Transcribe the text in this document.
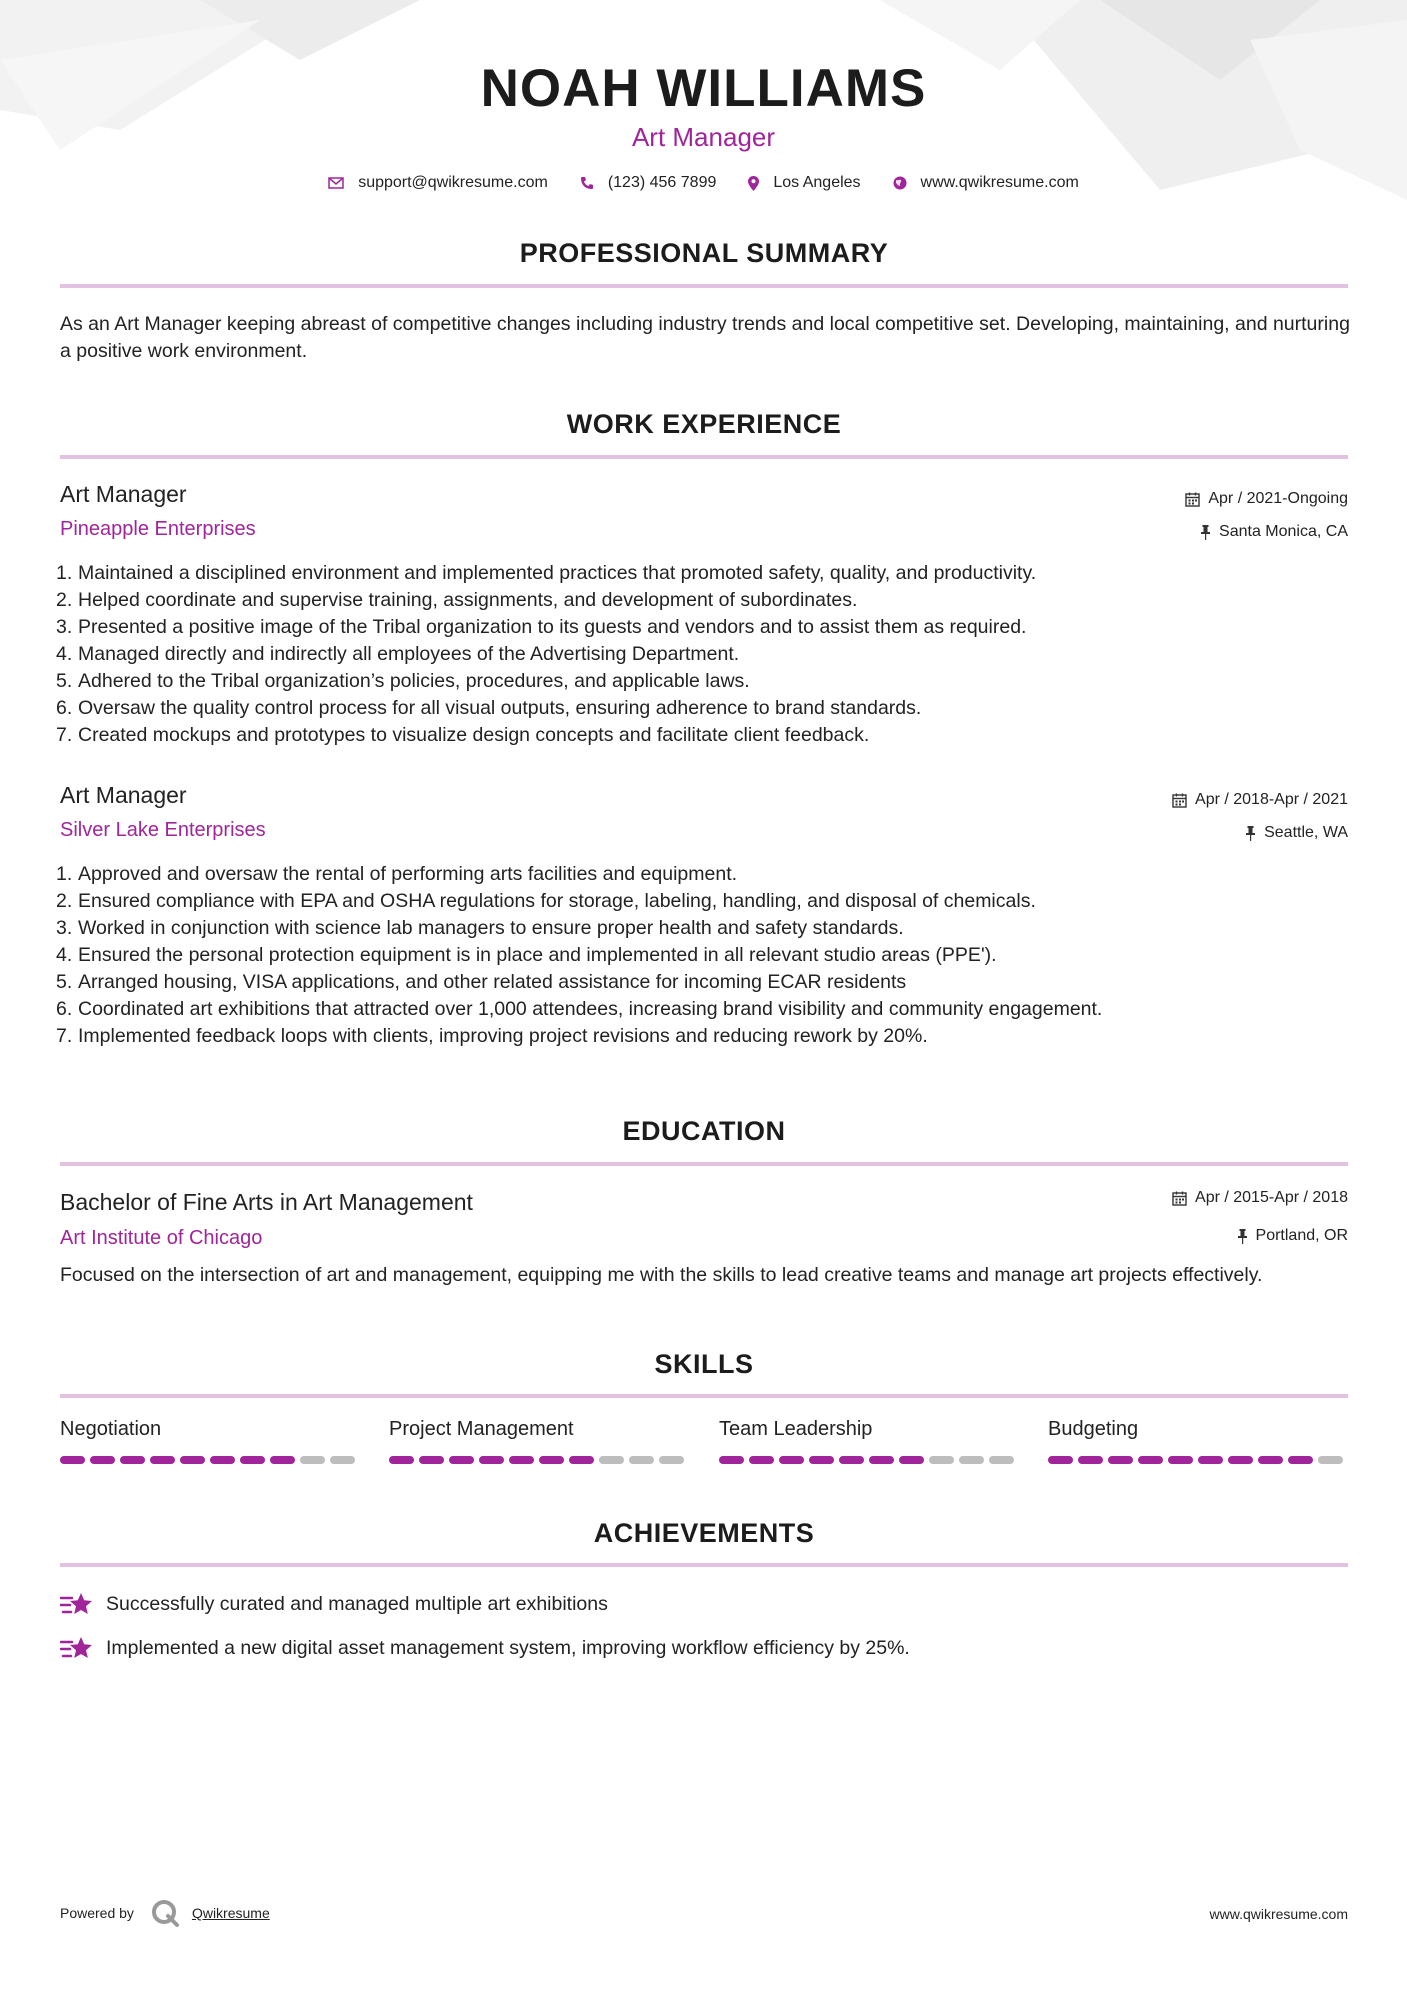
NOAH WILLIAMS
Art Manager
support@qwikresume.com	(123) 456 7899	Los Angeles	www.qwikresume.com
PROFESSIONAL SUMMARY
As an Art Manager keeping abreast of competitive changes including industry trends and local competitive set. Developing, maintaining, and nurturing a positive work environment.
WORK EXPERIENCE
Art Manager
Pineapple Enterprises
Apr / 2021-Ongoing
Santa Monica, CA
1. Maintained a disciplined environment and implemented practices that promoted safety, quality, and productivity.
2. Helped coordinate and supervise training, assignments, and development of subordinates.
3. Presented a positive image of the Tribal organization to its guests and vendors and to assist them as required.
4. Managed directly and indirectly all employees of the Advertising Department.
5. Adhered to the Tribal organization’s policies, procedures, and applicable laws.
6. Oversaw the quality control process for all visual outputs, ensuring adherence to brand standards.
7. Created mockups and prototypes to visualize design concepts and facilitate client feedback.
Art Manager
Silver Lake Enterprises
Apr / 2018-Apr / 2021
Seattle, WA
1. Approved and oversaw the rental of performing arts facilities and equipment.
2. Ensured compliance with EPA and OSHA regulations for storage, labeling, handling, and disposal of chemicals.
3. Worked in conjunction with science lab managers to ensure proper health and safety standards.
4. Ensured the personal protection equipment is in place and implemented in all relevant studio areas (PPE').
5. Arranged housing, VISA applications, and other related assistance for incoming ECAR residents
6. Coordinated art exhibitions that attracted over 1,000 attendees, increasing brand visibility and community engagement.
7. Implemented feedback loops with clients, improving project revisions and reducing rework by 20%.
EDUCATION
Bachelor of Fine Arts in Art Management
Art Institute of Chicago
Apr / 2015-Apr / 2018
Portland, OR
Focused on the intersection of art and management, equipping me with the skills to lead creative teams and manage art projects effectively.
SKILLS
Negotiation	Project Management	Team Leadership	Budgeting
ACHIEVEMENTS
Successfully curated and managed multiple art exhibitions
Implemented a new digital asset management system, improving workflow efficiency by 25%.
Powered by	Qwikresume	www.qwikresume.com
